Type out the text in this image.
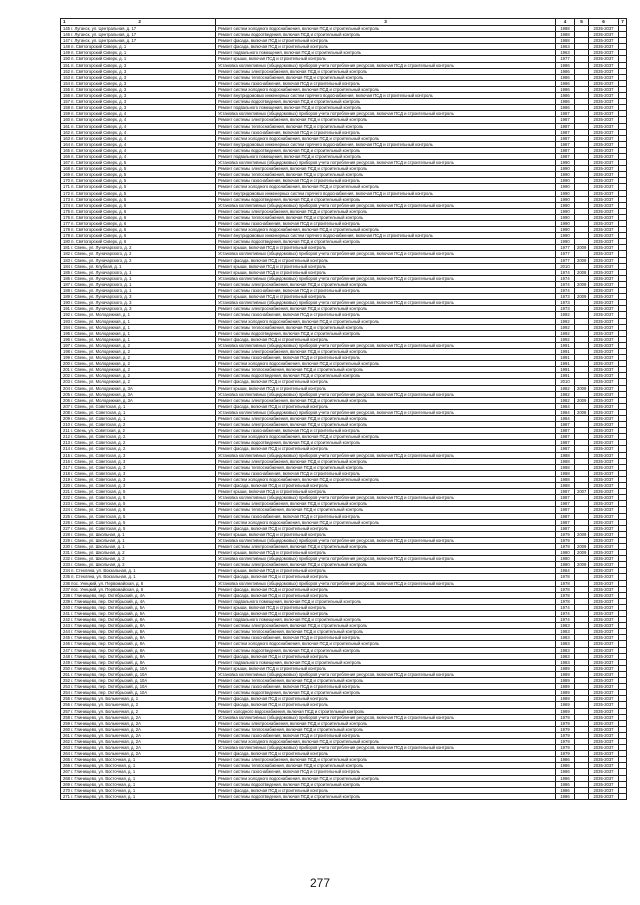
1 2	3	4	5	6	7
145 г. Луганск, ул. Центральная, д. 17	Ремонт систем холодного водоснабжения, включая ПСД и строительный контроль	1988		2035-2037	
146 г. Луганск, ул. Центральная, д. 17	Ремонт системы водоотведения, включая ПСД и строительный контроль	1988		2035-2037	
147 г. Луганск, ул. Центральная, д. 17	Ремонт фасада, включая ПСД и строительный контроль	1988		2035-2037	
148 п. Святогорский Скверк, д. 1	Ремонт фасада, включая ПСД и строительный контроль	1963		2035-2037	
149 п. Святогорский Скверк, д. 1	Ремонт подвального помещения, включая ПСД и строительный контроль	1963		2035-2037	
150 п. Святогорский Скверк, д. 1	Ремонт крыши, включая ПСД и строительный контроль	1977		2035-2037	
151 п. Святогорский Скверк, д. 3	Установка коллективных (общедомовых) приборов учета потребления ресурсов, включая ПСД и строительный контроль	1986		2035-2037	
152 п. Святогорский Скверк, д. 3	Ремонт системы электроснабжения, включая ПСД и строительный контроль	1986		2035-2037	
153 п. Святогорский Скверк, д. 3	Ремонт системы теплоснабжения, включая ПСД и строительный контроль	1986		2035-2037	
154 п. Святогорский Скверк, д. 3	Ремонт системы газоснабжения, включая ПСД и строительный контроль	1986		2035-2037	
155 п. Святогорский Скверк, д. 3	Ремонт систем холодного водоснабжения, включая ПСД и строительный контроль	1986		2035-2037	
156 п. Святогорский Скверк, д. 3	Ремонт внутридомовых инженерных систем горячего водоснабжения, включая ПСД и строительный контроль	1986		2035-2037	
157 п. Святогорский Скверк, д. 3	Ремонт системы водоотведения, включая ПСД и строительный контроль	1986		2035-2037	
158 п. Святогорский Скверк, д. 3	Ремонт подвального помещения, включая ПСД и строительный контроль	1986		2035-2037	
159 п. Святогорский Скверк, д. 4	Установка коллективных (общедомовых) приборов учета потребления ресурсов, включая ПСД и строительный контроль	1987		2035-2037	
160 п. Святогорский Скверк, д. 4	Ремонт системы электроснабжения, включая ПСД и строительный контроль	1987		2035-2037	
161 п. Святогорский Скверк, д. 4	Ремонт системы теплоснабжения, включая ПСД и строительный контроль	1987		2035-2037	
162 п. Святогорский Скверк, д. 4	Ремонт системы газоснабжения, включая ПСД и строительный контроль	1987		2035-2037	
163 п. Святогорский Скверк, д. 4	Ремонт систем холодного водоснабжения, включая ПСД и строительный контроль	1987		2035-2037	
164 п. Святогорский Скверк, д. 4	Ремонт внутридомовых инженерных систем горячего водоснабжения, включая ПСД и строительный контроль	1987		2035-2037	
165 п. Святогорский Скверк, д. 4	Ремонт системы водоотведения, включая ПСД и строительный контроль	1987		2035-2037	
166 п. Святогорский Скверк, д. 4	Ремонт подвального помещения, включая ПСД и строительный контроль	1987		2035-2037	
167 п. Святогорский Скверк, д. 5	Установка коллективных (общедомовых) приборов учета потребления ресурсов, включая ПСД и строительный контроль	1990		2035-2037	
168 п. Святогорский Скверк, д. 5	Ремонт системы электроснабжения, включая ПСД и строительный контроль	1990		2035-2037	
169 п. Святогорский Скверк, д. 5	Ремонт системы теплоснабжения, включая ПСД и строительный контроль	1990		2035-2037	
170 п. Святогорский Скверк, д. 5	Ремонт системы газоснабжения, включая ПСД и строительный контроль	1990		2035-2037	
171 п. Святогорский Скверк, д. 5	Ремонт систем холодного водоснабжения, включая ПСД и строительный контроль	1990		2035-2037	
172 п. Святогорский Скверк, д. 5	Ремонт внутридомовых инженерных систем горячего водоснабжения, включая ПСД и строительный контроль	1990		2035-2037	
173 п. Святогорский Скверк, д. 5	Ремонт системы водоотведения, включая ПСД и строительный контроль	1990		2035-2037	
174 п. Святогорский Скверк, д. 6	Установка коллективных (общедомовых) приборов учета потребления ресурсов, включая ПСД и строительный контроль	1990		2035-2037	
175 п. Святогорский Скверк, д. 6	Ремонт системы электроснабжения, включая ПСД и строительный контроль	1990		2035-2037	
176 п. Святогорский Скверк, д. 6	Ремонт системы теплоснабжения, включая ПСД и строительный контроль	1990		2035-2037	
177 п. Святогорский Скверк, д. 6	Ремонт системы газоснабжения, включая ПСД и строительный контроль	1990		2035-2037	
178 п. Святогорский Скверк, д. 6	Ремонт систем холодного водоснабжения, включая ПСД и строительный контроль	1990		2035-2037	
179 п. Святогорский Скверк, д. 6	Ремонт внутридомовых инженерных систем горячего водоснабжения, включая ПСД и строительный контроль	1990		2035-2037	
180 п. Святогорский Скверк, д. 6	Ремонт системы водоотведения, включая ПСД и строительный контроль	1990		2035-2037	
181 г. Свень, ул. Луначарского, д. 2	Ремонт крыши, включая ПСД и строительный контроль	1977	2009	2035-2037	
182 г. Свень, ул. Луначарского, д. 2	Установка коллективных (общедомовых) приборов учета потребления ресурсов, включая ПСД и строительный контроль	1977		2035-2037	
183 г. Свень, ул. Луначарского, д. 2	Ремонт фасада, включая ПСД и строительный контроль	1977	2009	2035-2037	
184 г. Свень, ул. Клубная, д. 1	Ремонт крыши, включая ПСД и строительный контроль	2010		2035-2037	
185 г. Свень, ул. Луначарского, д. 1	Ремонт крыши, включая ПСД и строительный контроль	1974	2008	2035-2037	
186 г. Свень, ул. Луначарского, д. 1	Установка коллективных (общедомовых) приборов учета потребления ресурсов, включая ПСД и строительный контроль	1974		2035-2037	
187 г. Свень, ул. Луначарского, д. 1	Ремонт системы электроснабжения, включая ПСД и строительный контроль	1974	2009	2035-2037	
188 г. Свень, ул. Луначарского, д. 1	Ремонт системы газоснабжения, включая ПСД и строительный контроль	1974		2035-2037	
189 г. Свень, ул. Луначарского, д. 3	Ремонт крыши, включая ПСД и строительный контроль	1973	2009	2035-2037	
190 г. Свень, ул. Луначарского, д. 3	Установка коллективных (общедомовых) приборов учета потребления ресурсов, включая ПСД и строительный контроль	1973		2035-2037	
191 г. Свень, ул. Луначарского, д. 3	Ремонт системы электроснабжения, включая ПСД и строительный контроль	1973		2035-2037	
192 г. Свень, ул. Молодежная, д. 1	Ремонт системы газоснабжения, включая ПСД и строительный контроль	1992		2035-2037	
193 г. Свень, ул. Молодежная, д. 1	Ремонт систем холодного водоснабжения, включая ПСД и строительный контроль	1992		2035-2037	
194 г. Свень, ул. Молодежная, д. 1	Ремонт системы теплоснабжения, включая ПСД и строительный контроль	1992		2035-2037	
195 г. Свень, ул. Молодежная, д. 1	Ремонт системы водоотведения, включая ПСД и строительный контроль	1992		2035-2037	
196 г. Свень, ул. Молодежная, д. 1	Ремонт фасада, включая ПСД и строительный контроль	1992		2035-2037	
197 г. Свень, ул. Молодежная, д. 2	Установка коллективных (общедомовых) приборов учета потребления ресурсов, включая ПСД и строительный контроль	1991		2035-2037	
198 г. Свень, ул. Молодежная, д. 2	Ремонт системы электроснабжения, включая ПСД и строительный контроль	1991		2035-2037	
199 г. Свень, ул. Молодежная, д. 2	Ремонт системы газоснабжения, включая ПСД и строительный контроль	1991		2035-2037	
200 г. Свень, ул. Молодежная, д. 2	Ремонт систем холодного водоснабжения, включая ПСД и строительный контроль	1991		2035-2037	
201 г. Свень, ул. Молодежная, д. 2	Ремонт системы теплоснабжения, включая ПСД и строительный контроль	1991		2035-2037	
202 г. Свень, ул. Молодежная, д. 2	Ремонт системы водоотведения, включая ПСД и строительный контроль	1991		2035-2037	
203 г. Свень, ул. Молодежная, д. 2	Ремонт фасада, включая ПСД и строительный контроль	2010		2035-2037	
204 г. Свень, ул. Молодежная, д. 3А	Ремонт крыши, включая ПСД и строительный контроль	1982	2009	2035-2037	
205 г. Свень, ул. Молодежная, д. 3А	Установка коллективных (общедомовых) приборов учета потребления ресурсов, включая ПСД и строительный контроль	1982		2035-2037	
206 г. Свень, ул. Молодежная, д. 3А	Ремонт системы электроснабжения, включая ПСД и строительный контроль	1982	2009	2035-2037	
207 г. Свень, ул. Советская, д. 1	Ремонт фасада, включая ПСД и строительный контроль	1984		2035-2037	
208 г. Свень, ул. Советская, д. 1	Установка коллективных (общедомовых) приборов учета потребления ресурсов, включая ПСД и строительный контроль	1984	2008	2035-2037	
209 г. Свень, ул. Советская, д. 1	Ремонт системы электроснабжения, включая ПСД и строительный контроль	1984		2035-2037	
210 г. Свень, ул. Советская, д. 2	Ремонт системы электроснабжения, включая ПСД и строительный контроль	1987		2035-2037	
211 г. Свень, ул. Советская, д. 2	Ремонт системы газоснабжения, включая ПСД и строительный контроль	1987		2035-2037	
212 г. Свень, ул. Советская, д. 2	Ремонт систем холодного водоснабжения, включая ПСД и строительный контроль	1987		2035-2037	
213 г. Свень, ул. Советская, д. 2	Ремонт системы водоотведения, включая ПСД и строительный контроль	1987		2035-2037	
214 г. Свень, ул. Советская, д. 2	Ремонт фасада, включая ПСД и строительный контроль	1987		2035-2037	
215 г. Свень, ул. Советская, д. 3	Установка коллективных (общедомовых) приборов учета потребления ресурсов, включая ПСД и строительный контроль	1988		2035-2037	
216 г. Свень, ул. Советская, д. 3	Ремонт системы электроснабжения, включая ПСД и строительный контроль	1988		2035-2037	
217 г. Свень, ул. Советская, д. 3	Ремонт системы теплоснабжения, включая ПСД и строительный контроль	1988		2035-2037	
218 г. Свень, ул. Советская, д. 3	Ремонт системы газоснабжения, включая ПСД и строительный контроль	1988		2035-2037	
219 г. Свень, ул. Советская, д. 3	Ремонт систем холодного водоснабжения, включая ПСД и строительный контроль	1988		2035-2037	
220 г. Свень, ул. Советская, д. 3	Ремонт фасада, включая ПСД и строительный контроль	1988		2035-2037	
221 г. Свень, ул. Советская, д. 5	Ремонт крыши, включая ПСД и строительный контроль	1987	2007	2035-2037	
222 г. Свень, ул. Советская, д. 5	Установка коллективных (общедомовых) приборов учета потребления ресурсов, включая ПСД и строительный контроль	1987		2035-2037	
223 г. Свень, ул. Советская, д. 5	Ремонт системы электроснабжения, включая ПСД и строительный контроль	1987		2035-2037	
224 г. Свень, ул. Советская, д. 5	Ремонт системы теплоснабжения, включая ПСД и строительный контроль	1987		2035-2037	
225 г. Свень, ул. Советская, д. 5	Ремонт системы газоснабжения, включая ПСД и строительный контроль	1987		2035-2037	
226 г. Свень, ул. Советская, д. 5	Ремонт систем холодного водоснабжения, включая ПСД и строительный контроль	1987		2035-2037	
227 г. Свень, ул. Советская, д. 5	Ремонт фасада, включая ПСД и строительный контроль	1987		2035-2037	
228 г. Свень, ул. Школьная, д. 1	Ремонт крыши, включая ПСД и строительный контроль	1979	2009	2035-2037	
229 г. Свень, ул. Школьная, д. 1	Установка коллективных (общедомовых) приборов учета потребления ресурсов, включая ПСД и строительный контроль	1979		2035-2037	
230 г. Свень, ул. Школьная, д. 1	Ремонт системы электроснабжения, включая ПСД и строительный контроль	1979	2009	2035-2037	
231 г. Свень, ул. Школьная, д. 2	Ремонт крыши, включая ПСД и строительный контроль	1980	2009	2035-2037	
232 г. Свень, ул. Школьная, д. 2	Установка коллективных (общедомовых) приборов учета потребления ресурсов, включая ПСД и строительный контроль	1980		2035-2037	
233 г. Свень, ул. Школьная, д. 2	Ремонт системы электроснабжения, включая ПСД и строительный контроль	1980	2009	2035-2037	
234 п. Стекляна, ул. Вокзальная, д. 1	Ремонт крыши, включая ПСД и строительный контроль	1964		2035-2037	
235 п. Стекляна, ул. Вокзальная, д. 1	Ремонт фасада, включая ПСД и строительный контроль	1978		2035-2037	
236 пос. Унецкий, ул. Первомайская, д. 8	Установка коллективных (общедомовых) приборов учета потребления ресурсов, включая ПСД и строительный контроль	1978		2035-2037	
237 пос. Унецкий, ул. Первомайская, д. 8	Ремонт фасада, включая ПСД и строительный контроль	1978		2035-2037	
238 г. Глинищево, пер. Октябрьский, д. 4А	Ремонт фасада, включая ПСД и строительный контроль	1978		2035-2037	
239 г. Глинищево, пер. Октябрьский, д. 4А	Ремонт подвального помещения, включая ПСД и строительный контроль	1978		2035-2037	
240 г. Глинищево, пер. Октябрьский, д. 5А	Ремонт крыши, включая ПСД и строительный контроль	1974		2035-2037	
241 г. Глинищево, пер. Октябрьский, д. 5А	Ремонт фасада, включая ПСД и строительный контроль	1974		2035-2037	
242 г. Глинищево, пер. Октябрьский, д. 8А	Ремонт подвального помещения, включая ПСД и строительный контроль	1974		2035-2037	
243 г. Глинищево, пер. Октябрьский, д. 8А	Ремонт системы электроснабжения, включая ПСД и строительный контроль	1983		2035-2037	
244 г. Глинищево, пер. Октябрьский, д. 8А	Ремонт системы теплоснабжения, включая ПСД и строительный контроль	1983		2035-2037	
245 г. Глинищево, пер. Октябрьский, д. 8А	Ремонт системы газоснабжения, включая ПСД и строительный контроль	1983		2035-2037	
246 г. Глинищево, пер. Октябрьский, д. 8А	Ремонт систем холодного водоснабжения, включая ПСД и строительный контроль	1983		2035-2037	
247 г. Глинищево, пер. Октябрьский, д. 8А	Ремонт системы водоотведения, включая ПСД и строительный контроль	1983		2035-2037	
248 г. Глинищево, пер. Октябрьский, д. 8А	Ремонт фасада, включая ПСД и строительный контроль	1983		2035-2037	
249 г. Глинищево, пер. Октябрьский, д. 8А	Ремонт подвального помещения, включая ПСД и строительный контроль	1983		2035-2037	
250 г. Глинищево, пер. Октябрьский, д. 10А	Ремонт крыши, включая ПСД и строительный контроль	1989		2035-2037	
251 г. Глинищево, пер. Октябрьский, д. 10А	Установка коллективных (общедомовых) приборов учета потребления ресурсов, включая ПСД и строительный контроль	1989		2035-2037	
252 г. Глинищево, пер. Октябрьский, д. 10А	Ремонт системы теплоснабжения, включая ПСД и строительный контроль	1989		2035-2037	
253 г. Глинищево, пер. Октябрьский, д. 10А	Ремонт системы газоснабжения, включая ПСД и строительный контроль	1989		2035-2037	
254 г. Глинищево, пер. Октябрьский, д. 10А	Ремонт системы водоотведения, включая ПСД и строительный контроль	1989		2035-2037	
255 г. Глинищево, ул. Больничная, д. 1	Ремонт фасада, включая ПСД и строительный контроль	1989		2035-2037	
256 г. Глинищево, ул. Больничная, д. 2	Ремонт фасада, включая ПСД и строительный контроль	1969		2035-2037	
257 г. Глинищево, ул. Больничная, д. 2	Ремонт холодного водоснабжения, включая ПСД и строительный контроль	1969		2035-2037	
258 г. Глинищево, ул. Больничная, д. 2А	Установка коллективных (общедомовых) приборов учета потребления ресурсов, включая ПСД и строительный контроль	1979		2035-2037	
259 г. Глинищево, ул. Больничная, д. 2А	Ремонт системы электроснабжения, включая ПСД и строительный контроль	1979		2035-2037	
260 г. Глинищево, ул. Больничная, д. 2А	Ремонт системы теплоснабжения, включая ПСД и строительный контроль	1979		2035-2037	
261 г. Глинищево, ул. Больничная, д. 2А	Ремонт системы газоснабжения, включая ПСД и строительный контроль	1979		2035-2037	
262 г. Глинищево, ул. Больничная, д. 2А	Ремонт систем холодного водоснабжения, включая ПСД и строительный контроль	1979		2035-2037	
263 г. Глинищево, ул. Больничная, д. 2А	Установка коллективных (общедомовых) приборов учета потребления ресурсов, включая ПСД и строительный контроль	1979		2035-2037	
264 г. Глинищево, ул. Больничная, д. 2А	Ремонт фасада, включая ПСД и строительный контроль	1979		2035-2037	
265 г. Глинищево, ул. Восточная, д. 1	Ремонт системы электроснабжения, включая ПСД и строительный контроль	1986		2035-2037	
266 г. Глинищево, ул. Восточная, д. 1	Ремонт системы теплоснабжения, включая ПСД и строительный контроль	1986		2035-2037	
267 г. Глинищево, ул. Восточная, д. 1	Ремонт системы газоснабжения, включая ПСД и строительный контроль	1986		2035-2037	
268 г. Глинищево, ул. Восточная, д. 1	Ремонт систем холодного водоснабжения, включая ПСД и строительный контроль	1986		2035-2037	
269 г. Глинищево, ул. Восточная, д. 1	Ремонт системы водоотведения, включая ПСД и строительный контроль	1986		2035-2037	
270 г. Глинищево, ул. Восточная, д. 1	Ремонт фасада, включая ПСД и строительный контроль	1986		2035-2037	
271 г. Глинищево, ул. Восточная, д. 1	Ремонт системы водоотведения, включая ПСД и строительный контроль	1986		2035-2037	
277
